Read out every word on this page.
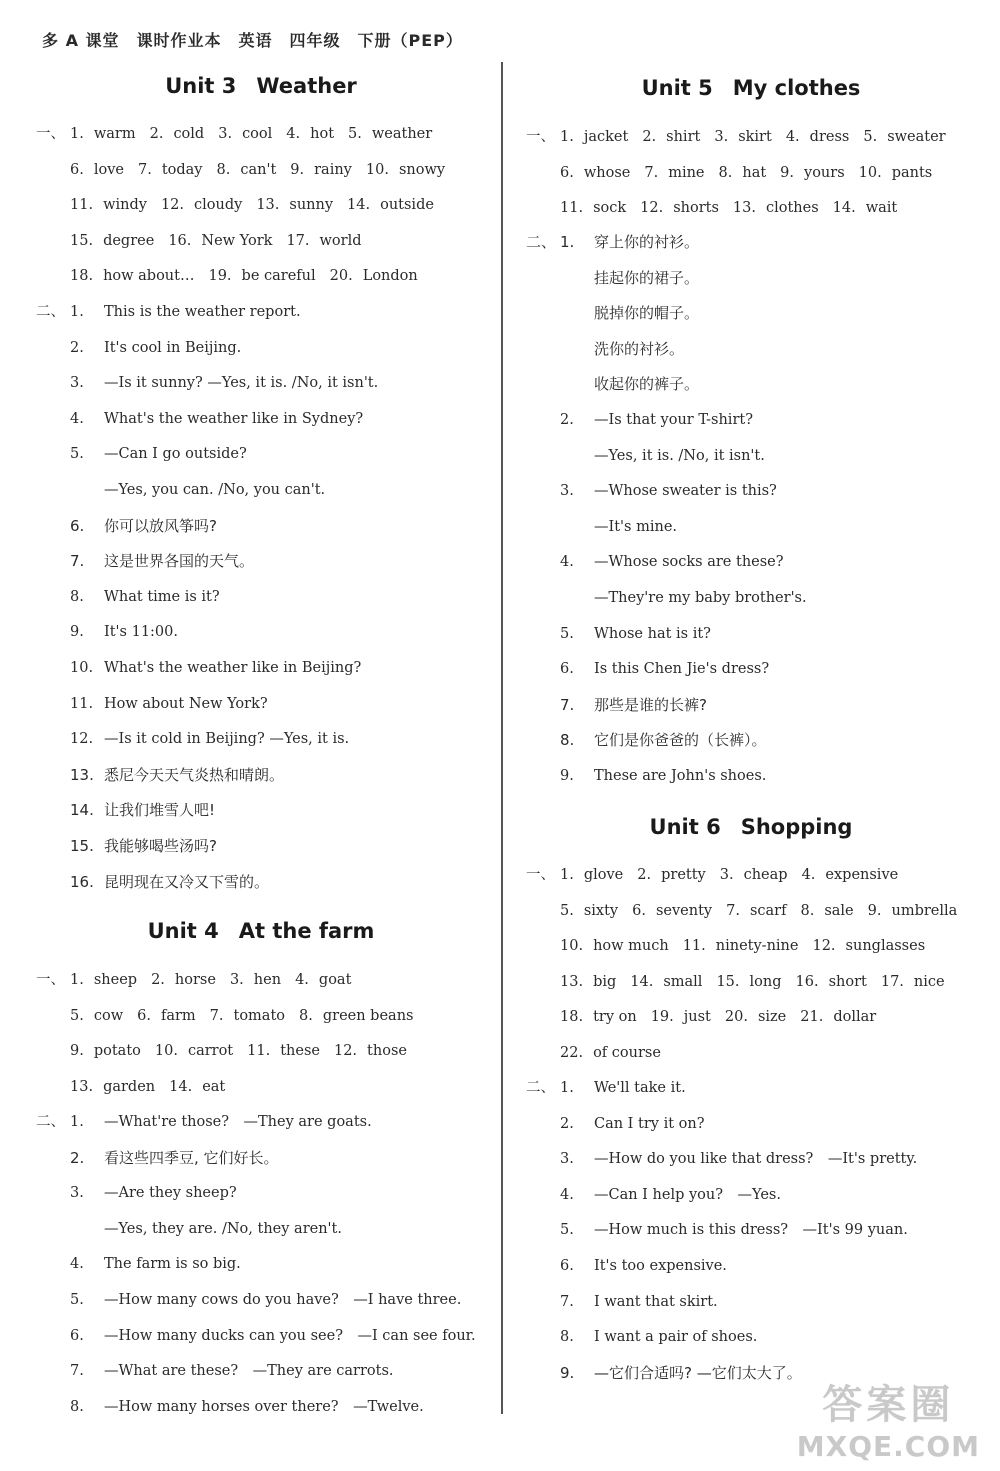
多 A 课堂　课时作业本　英语　四年级　下册（PEP）
Unit 3 Weather
一、 1. warm 2. cold 3. cool 4. hot 5. weather
6. love 7. today 8. can't 9. rainy 10. snowy
11. windy 12. cloudy 13. sunny 14. outside
15. degree 16. New York 17. world
18. how about… 19. be careful 20. London
二、 1. This is the weather report.
2. It's cool in Beijing.
3. —Is it sunny? —Yes, it is. /No, it isn't.
4. What's the weather like in Sydney?
5. —Can I go outside?
—Yes, you can. /No, you can't.
6. 你可以放风筝吗?
7. 这是世界各国的天气。
8. What time is it?
9. It's 11:00.
10. What's the weather like in Beijing?
11. How about New York?
12. —Is it cold in Beijing? —Yes, it is.
13. 悉尼今天天气炎热和晴朗。
14. 让我们堆雪人吧!
15. 我能够喝些汤吗?
16. 昆明现在又冷又下雪的。
Unit 4 At the farm
一、 1. sheep 2. horse 3. hen 4. goat
5. cow 6. farm 7. tomato 8. green beans
9. potato 10. carrot 11. these 12. those
13. garden 14. eat
二、 1. —What're those?　—They are goats.
2. 看这些四季豆, 它们好长。
3. —Are they sheep?
—Yes, they are. /No, they aren't.
4. The farm is so big.
5. —How many cows do you have?　—I have three.
6. —How many ducks can you see?　—I can see four.
7. —What are these?　—They are carrots.
8. —How many horses over there?　—Twelve.
Unit 5 My clothes
一、 1. jacket 2. shirt 3. skirt 4. dress 5. sweater
6. whose 7. mine 8. hat 9. yours 10. pants
11. sock 12. shorts 13. clothes 14. wait
二、 1. 穿上你的衬衫。
挂起你的裙子。
脱掉你的帽子。
洗你的衬衫。
收起你的裤子。
2. —Is that your T-shirt?
—Yes, it is. /No, it isn't.
3. —Whose sweater is this?
—It's mine.
4. —Whose socks are these?
—They're my baby brother's.
5. Whose hat is it?
6. Is this Chen Jie's dress?
7. 那些是谁的长裤?
8. 它们是你爸爸的（长裤）。
9. These are John's shoes.
Unit 6 Shopping
一、 1. glove 2. pretty 3. cheap 4. expensive
5. sixty 6. seventy 7. scarf 8. sale 9. umbrella
10. how much 11. ninety-nine 12. sunglasses
13. big 14. small 15. long 16. short 17. nice
18. try on 19. just 20. size 21. dollar
22. of course
二、 1. We'll take it.
2. Can I try it on?
3. —How do you like that dress?　—It's pretty.
4. —Can I help you?　—Yes.
5. —How much is this dress?　—It's 99 yuan.
6. It's too expensive.
7. I want that skirt.
8. I want a pair of shoes.
9. —它们合适吗? —它们太大了。
答案圈
MXQE.COM
